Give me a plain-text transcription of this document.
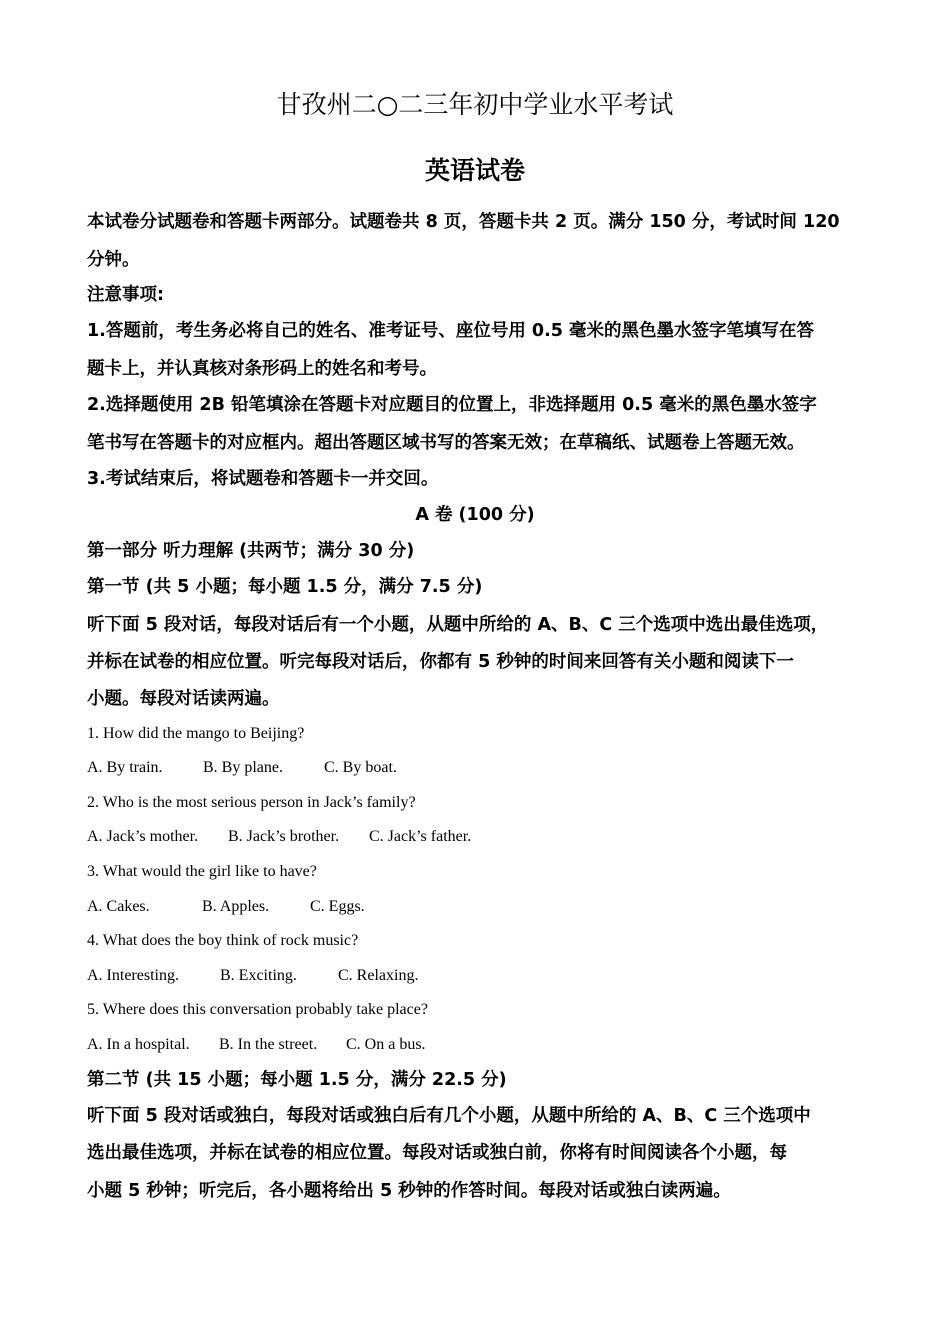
甘孜州二○二三年初中学业水平考试
英语试卷
本试卷分试题卷和答题卡两部分。试题卷共 8 页，答题卡共 2 页。满分 150 分，考试时间 120
分钟。
注意事项:
1.答题前，考生务必将自己的姓名、准考证号、座位号用 0.5 毫米的黑色墨水签字笔填写在答
题卡上，并认真核对条形码上的姓名和考号。
2.选择题使用 2B 铅笔填涂在答题卡对应题目的位置上，非选择题用 0.5 毫米的黑色墨水签字
笔书写在答题卡的对应框内。超出答题区域书写的答案无效；在草稿纸、试题卷上答题无效。
3.考试结束后，将试题卷和答题卡一并交回。
A 卷 (100 分)
第一部分 听力理解 (共两节；满分 30 分)
第一节 (共 5 小题；每小题 1.5 分，满分 7.5 分)
听下面 5 段对话，每段对话后有一个小题，从题中所给的 A、B、C 三个选项中选出最佳选项，
并标在试卷的相应位置。听完每段对话后，你都有 5 秒钟的时间来回答有关小题和阅读下一
小题。每段对话读两遍。
1. How did the mango to Beijing?
A. By train.	B. By plane.	C. By boat.
2. Who is the most serious person in Jack’s family?
A. Jack’s mother. B. Jack’s brother. C. Jack’s father.
3. What would the girl like to have?
A. Cakes.	B. Apples.	C. Eggs.
4. What does the boy think of rock music?
A. Interesting.	B. Exciting.	C. Relaxing.
5. Where does this conversation probably take place?
A. In a hospital. B. In the street. C. On a bus.
第二节 (共 15 小题；每小题 1.5 分，满分 22.5 分)
听下面 5 段对话或独白，每段对话或独白后有几个小题，从题中所给的 A、B、C 三个选项中
选出最佳选项，并标在试卷的相应位置。每段对话或独白前，你将有时间阅读各个小题，每
小题 5 秒钟；听完后，各小题将给出 5 秒钟的作答时间。每段对话或独白读两遍。
